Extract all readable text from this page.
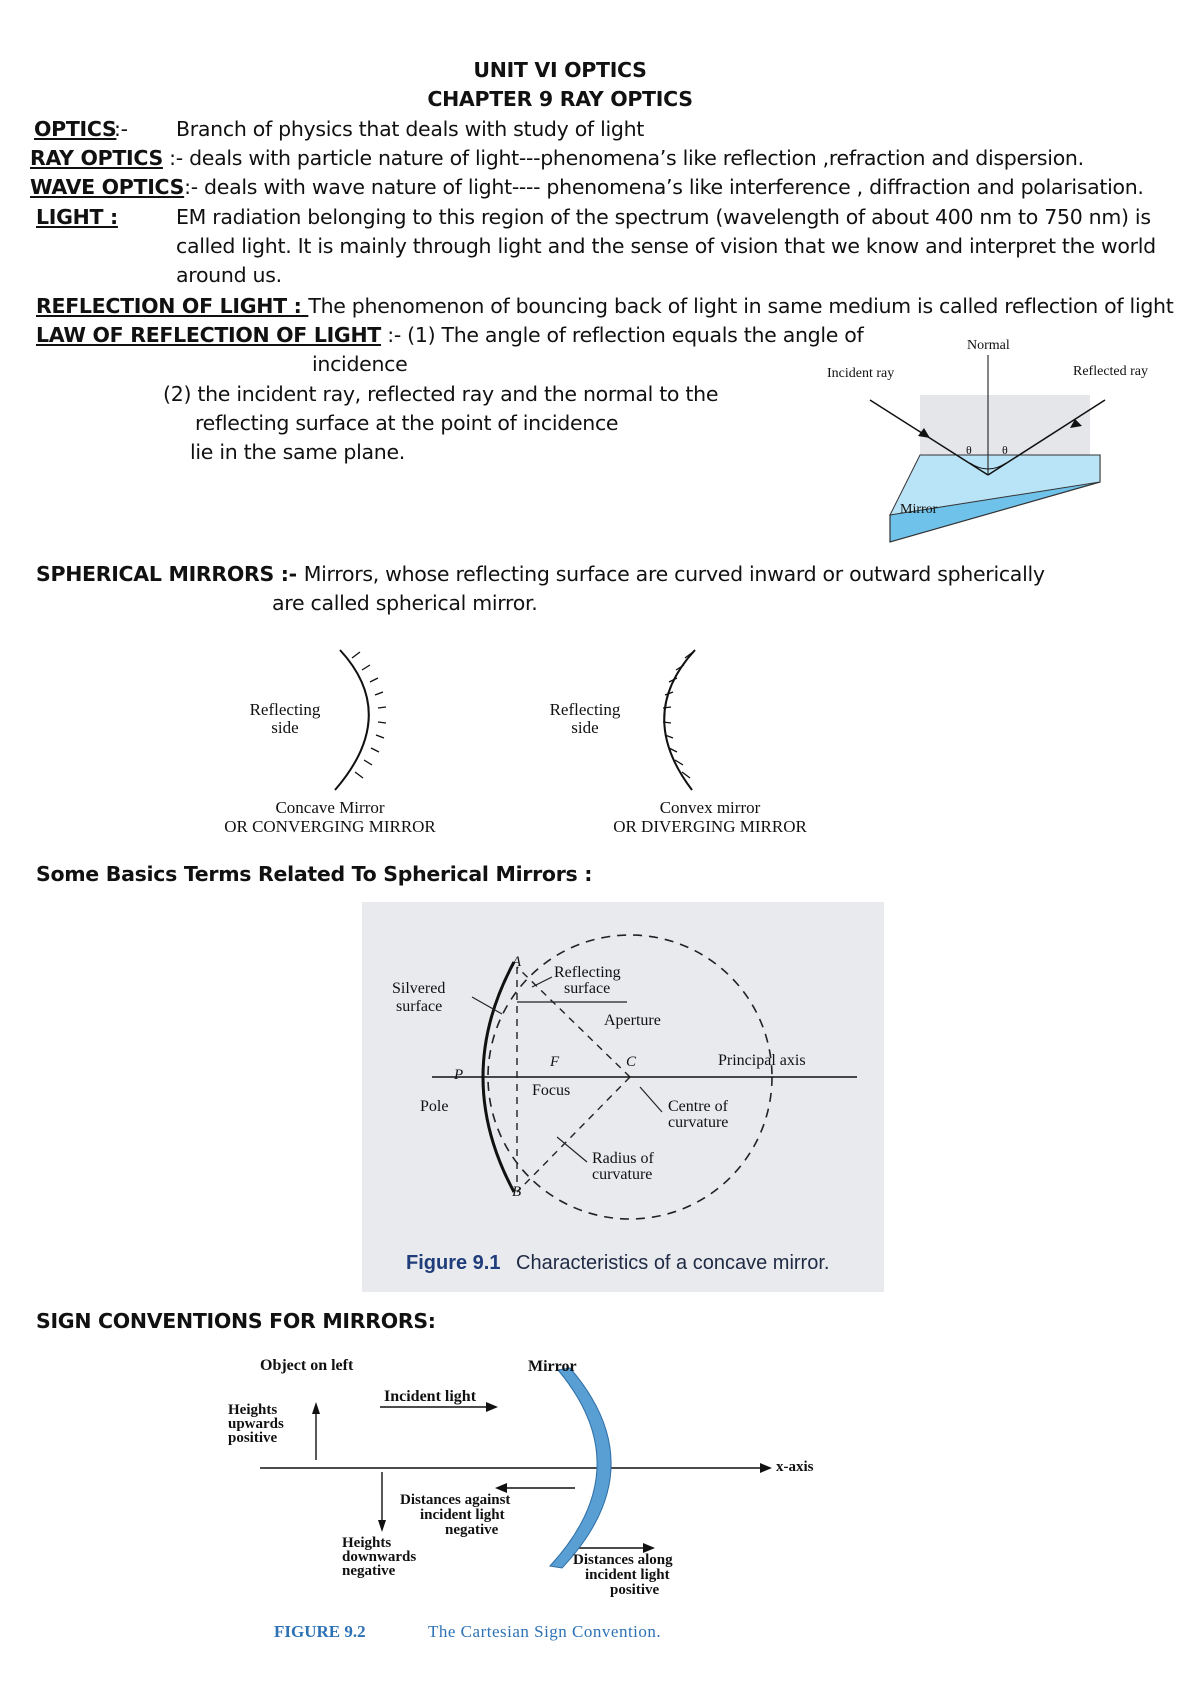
UNIT VI OPTICS
CHAPTER 9 RAY OPTICS
OPTICS
:- Branch of physics that deals with study of light
RAY OPTICS :- deals with particle nature of light---phenomena’s like reflection ,refraction and dispersion.
WAVE OPTICS:- deals with wave nature of light---- phenomena’s like interference , diffraction and polarisation.
LIGHT :	EM radiation belonging to this region of the spectrum (wavelength of about 400 nm to 750 nm) is
called light. It is mainly through light and the sense of vision that we know and interpret the world
around us.
REFLECTION OF LIGHT : The phenomenon of bouncing back of light in same medium is called reflection of light
LAW OF REFLECTION OF LIGHT :- (1) The angle of reflection equals the angle of
incidence
(2) the incident ray, reflected ray and the normal to the
reflecting surface at the point of incidence
lie in the same plane.
Normal
Incident ray	Reflected ray
θ	θ
Mirror
SPHERICAL MIRRORS :- Mirrors, whose reflecting surface are curved inward or outward spherically
are called spherical mirror.
Reflecting
side
Concave Mirror
OR CONVERGING MIRROR
Reflecting
side
Convex mirror
OR DIVERGING MIRROR
Some Basics Terms Related To Spherical Mirrors :
Silvered
surface
Reflecting
surface
Aperture
A
B
P
F	C
Pole
Focus
Principal axis
Centre of
curvature
Radius of
curvature
Figure 9.1 Characteristics of a concave mirror.
SIGN CONVENTIONS FOR MIRRORS:
Object on left	Mirror
Incident light
Heights
upwards
positive
x-axis
Distances against
incident light
negative
Heights
downwards
negative
Distances along
incident light
positive
FIGURE 9.2	The Cartesian Sign Convention.
